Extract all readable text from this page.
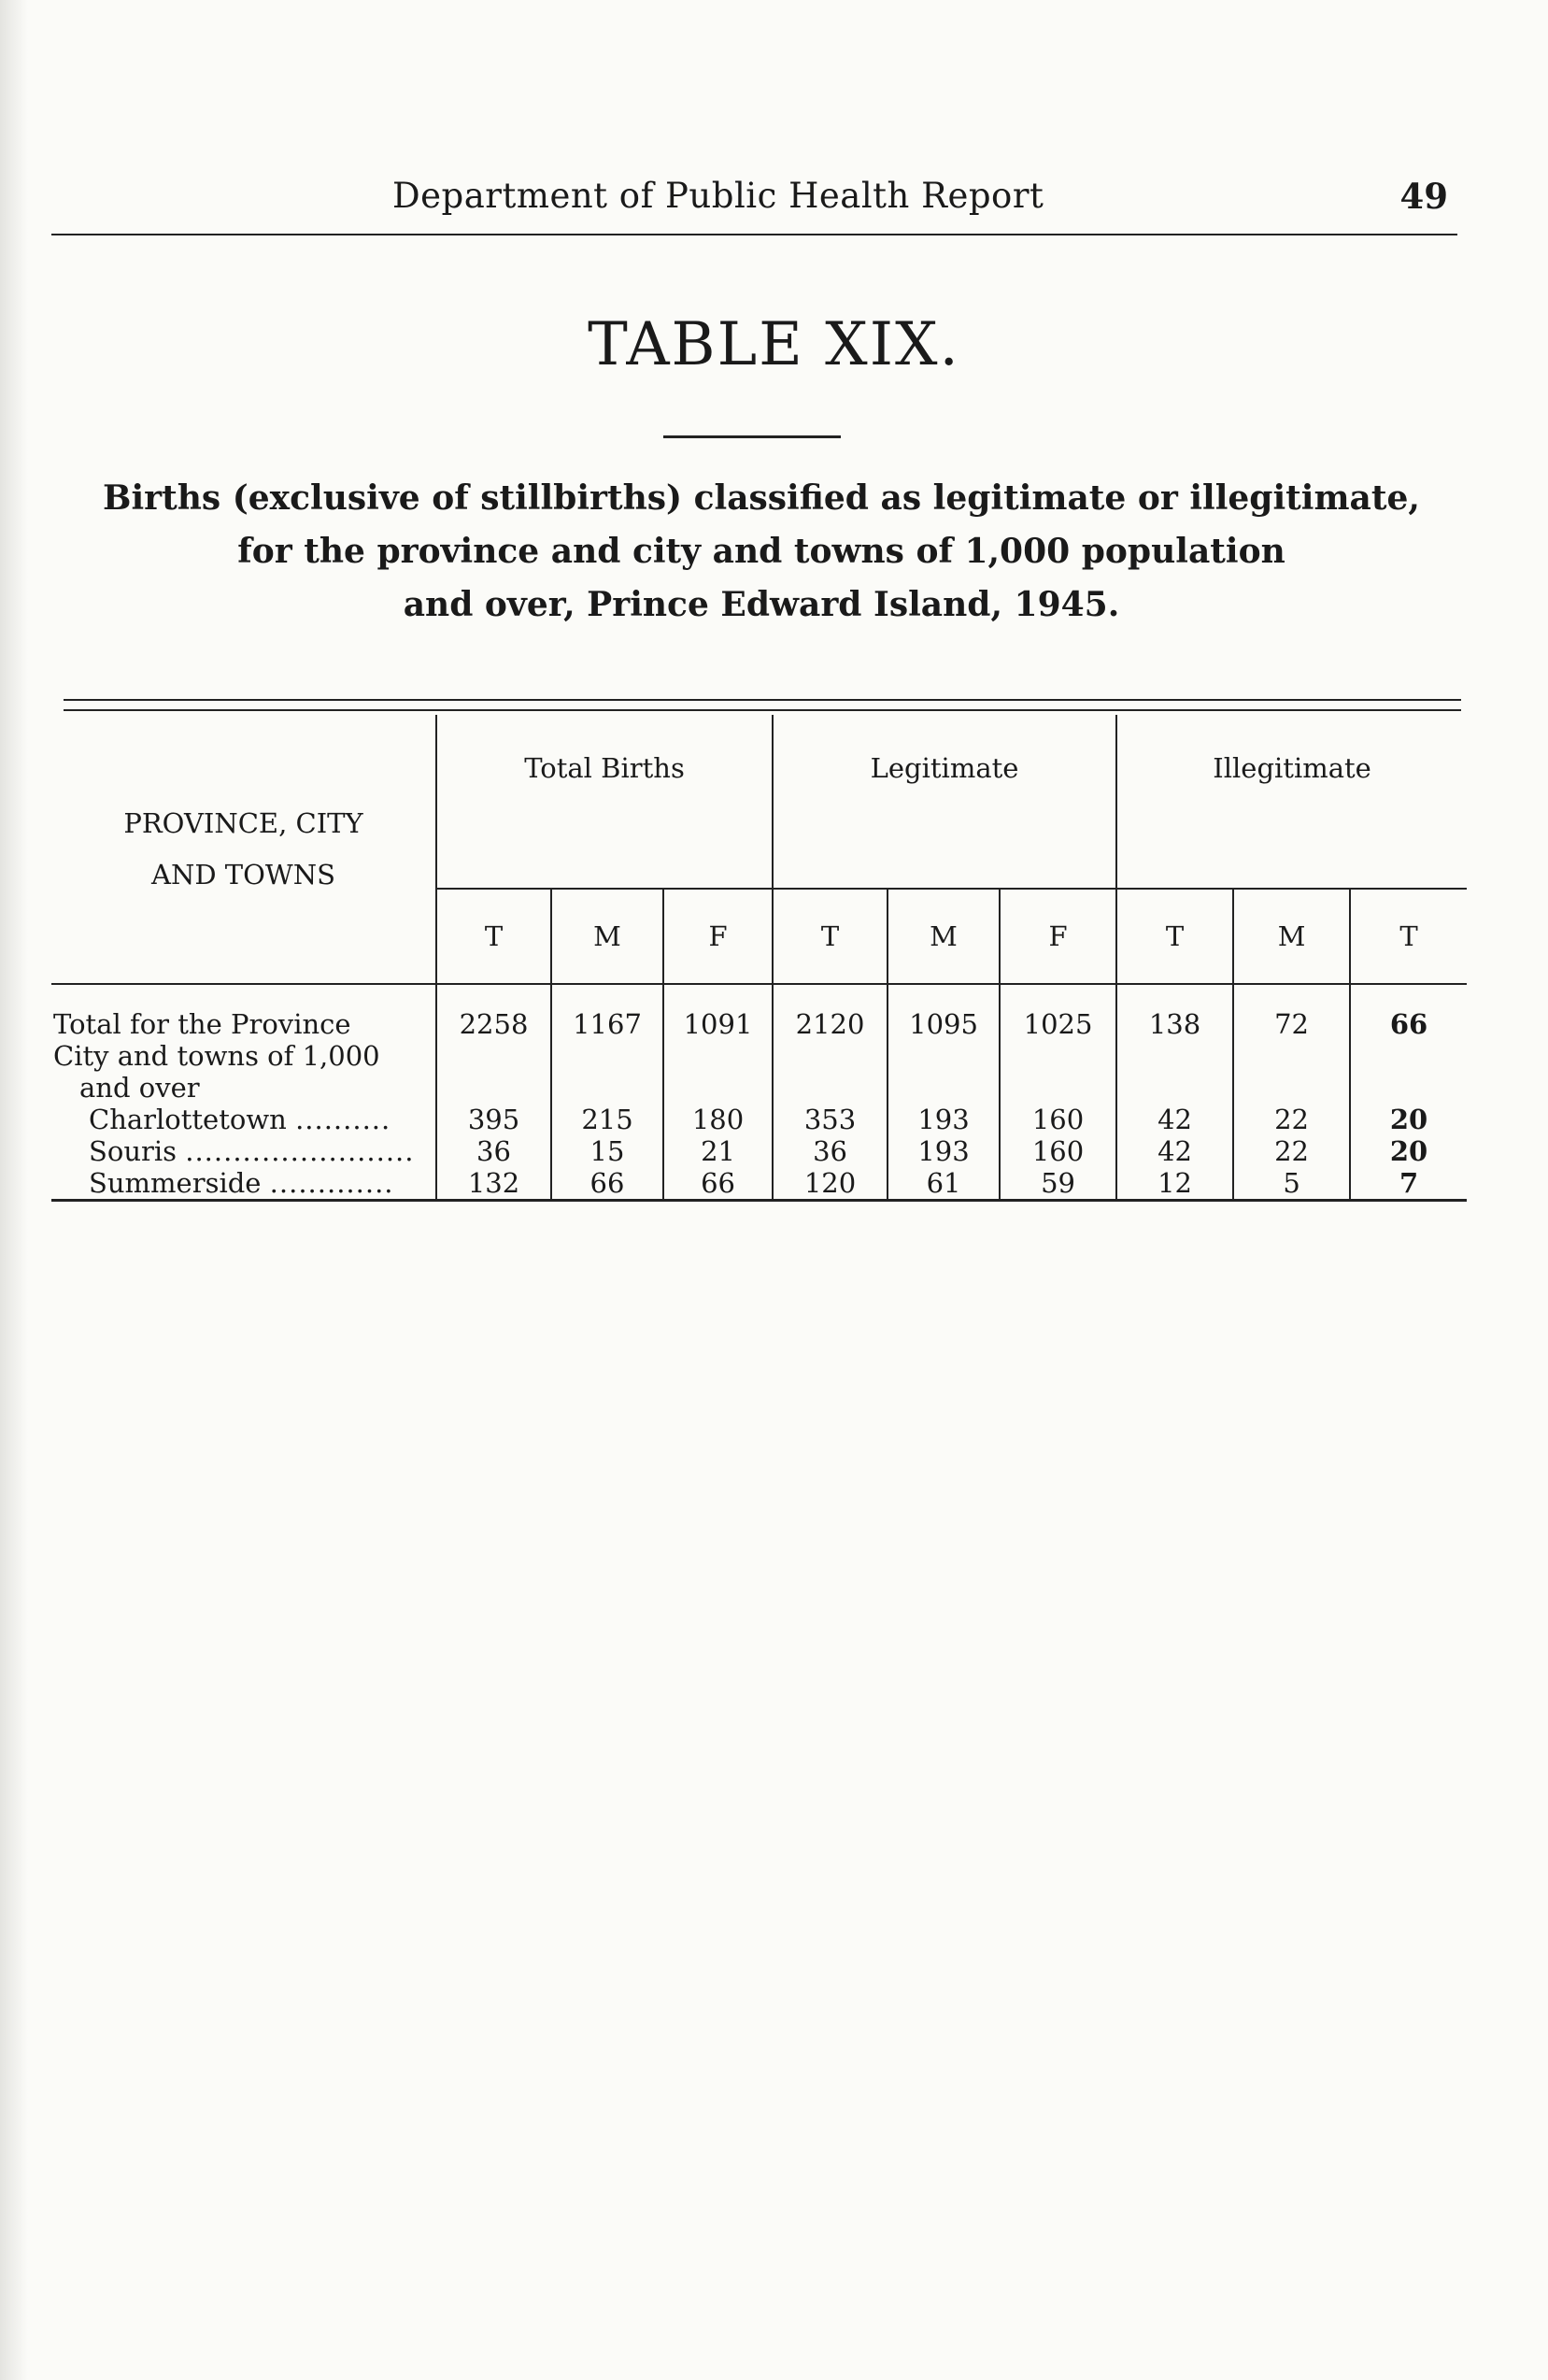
Department of Public Health Report	49
TABLE XIX.
Births (exclusive of stillbirths) classified as legitimate or illegitimate,
for the province and city and towns of 1,000 population
and over, Prince Edward Island, 1945.
PROVINCE, CITY
AND TOWNS	Total Births			Legitimate			Illegitimate		
	T	M	F	T	M	F	T	M	T
Total for the Province	2258	1167	1091	2120	1095	1025	138	72	66
City and towns of 1,000									
and over									
Charlottetown ..........	395	215	180	353	193	160	42	22	20
Souris ........................	36	15	21	36	193	160	42	22	20
Summerside .............	132	66	66	120	61	59	12	5	7
